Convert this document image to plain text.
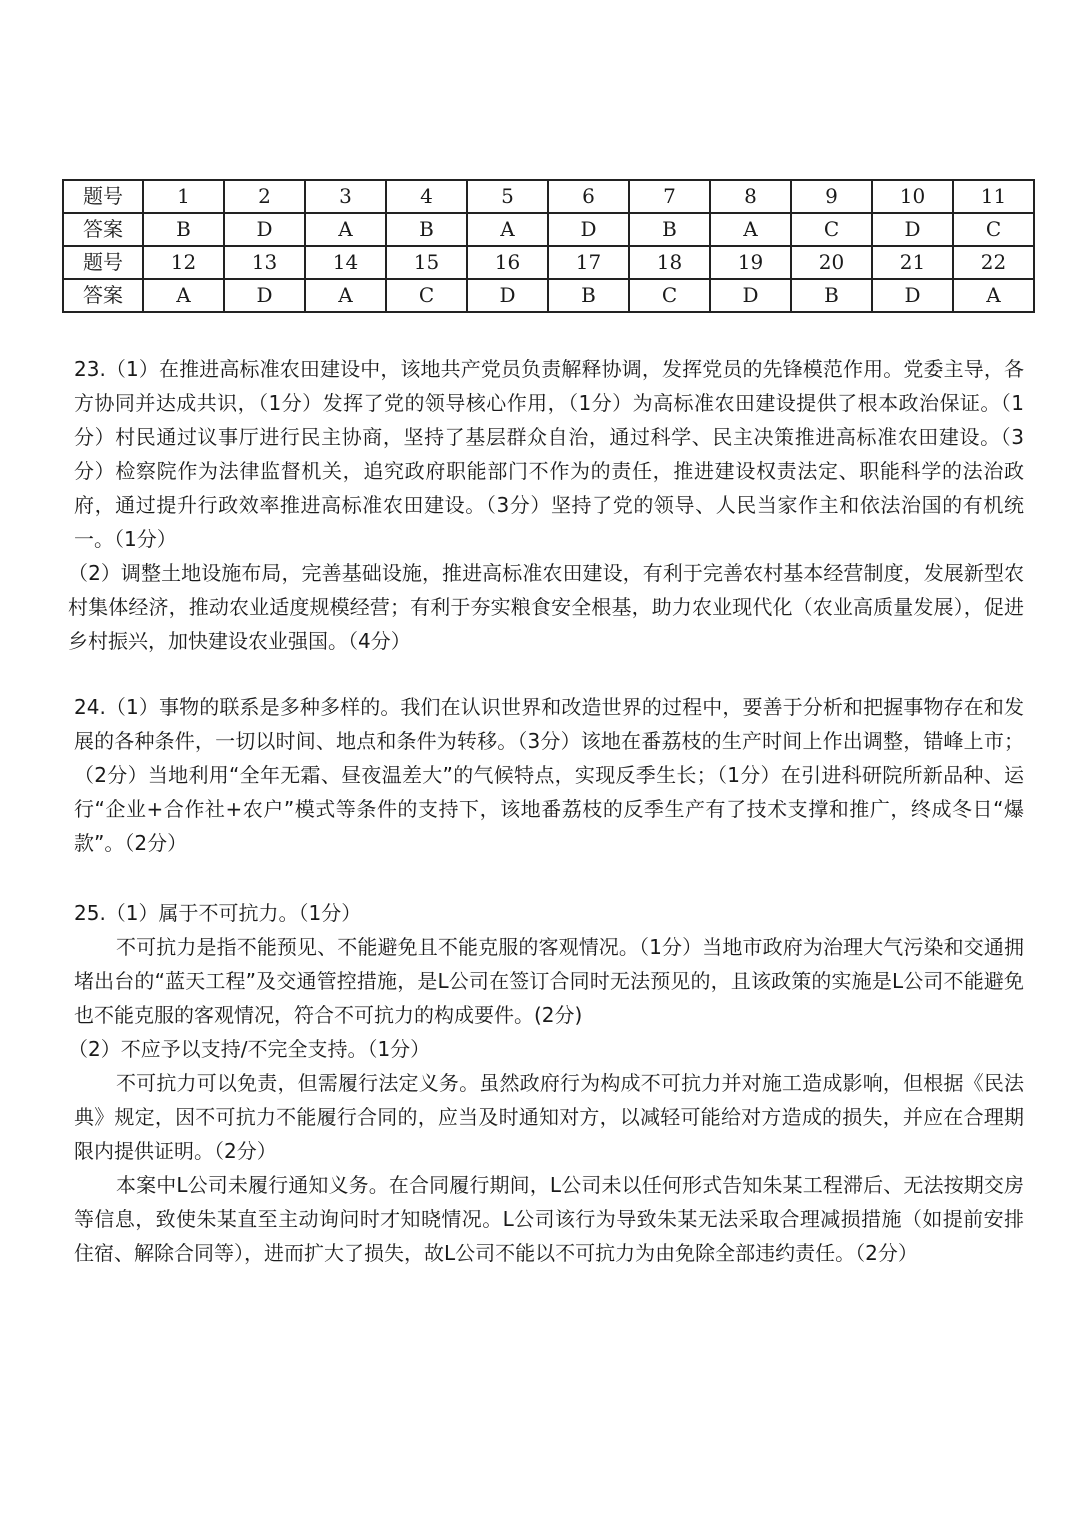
题号	1	2	3	4	5	6	7	8	9	10	11
答案	B	D	A	B	A	D	B	A	C	D	C
题号	12	13	14	15	16	17	18	19	20	21	22
答案	A	D	A	C	D	B	C	D	B	D	A

23.（1）在推进高标准农田建设中，该地共产党员负责解释协调，发挥党员的先锋模范作用。党委主导，各方协同并达成共识，（1分）发挥了党的领导核心作用，（1分）为高标准农田建设提供了根本政治保证。（1分）村民通过议事厅进行民主协商，坚持了基层群众自治，通过科学、民主决策推进高标准农田建设。（3分）检察院作为法律监督机关，追究政府职能部门不作为的责任，推进建设权责法定、职能科学的法治政府，通过提升行政效率推进高标准农田建设。（3分）坚持了党的领导、人民当家作主和依法治国的有机统一。（1分）

（2）调整土地设施布局，完善基础设施，推进高标准农田建设，有利于完善农村基本经营制度，发展新型农村集体经济，推动农业适度规模经营；有利于夯实粮食安全根基，助力农业现代化（农业高质量发展），促进乡村振兴，加快建设农业强国。（4分）

24.（1）事物的联系是多种多样的。我们在认识世界和改造世界的过程中，要善于分析和把握事物存在和发展的各种条件，一切以时间、地点和条件为转移。（3分）该地在番荔枝的生产时间上作出调整，错峰上市；（2分）当地利用“全年无霜、昼夜温差大”的气候特点，实现反季生长；（1分）在引进科研院所新品种、运行“企业+合作社+农户”模式等条件的支持下，该地番荔枝的反季生产有了技术支撑和推广，终成冬日“爆款”。（2分）

25.（1）属于不可抗力。（1分）

不可抗力是指不能预见、不能避免且不能克服的客观情况。（1分）当地市政府为治理大气污染和交通拥堵出台的“蓝天工程”及交通管控措施，是L公司在签订合同时无法预见的，且该政策的实施是L公司不能避免也不能克服的客观情况，符合不可抗力的构成要件。(2分)

（2）不应予以支持/不完全支持。（1分）

不可抗力可以免责，但需履行法定义务。虽然政府行为构成不可抗力并对施工造成影响，但根据《民法典》规定，因不可抗力不能履行合同的，应当及时通知对方，以减轻可能给对方造成的损失，并应在合理期限内提供证明。（2分）

本案中L公司未履行通知义务。在合同履行期间，L公司未以任何形式告知朱某工程滞后、无法按期交房等信息，致使朱某直至主动询问时才知晓情况。L公司该行为导致朱某无法采取合理减损措施（如提前安排住宿、解除合同等），进而扩大了损失，故L公司不能以不可抗力为由免除全部违约责任。（2分）
